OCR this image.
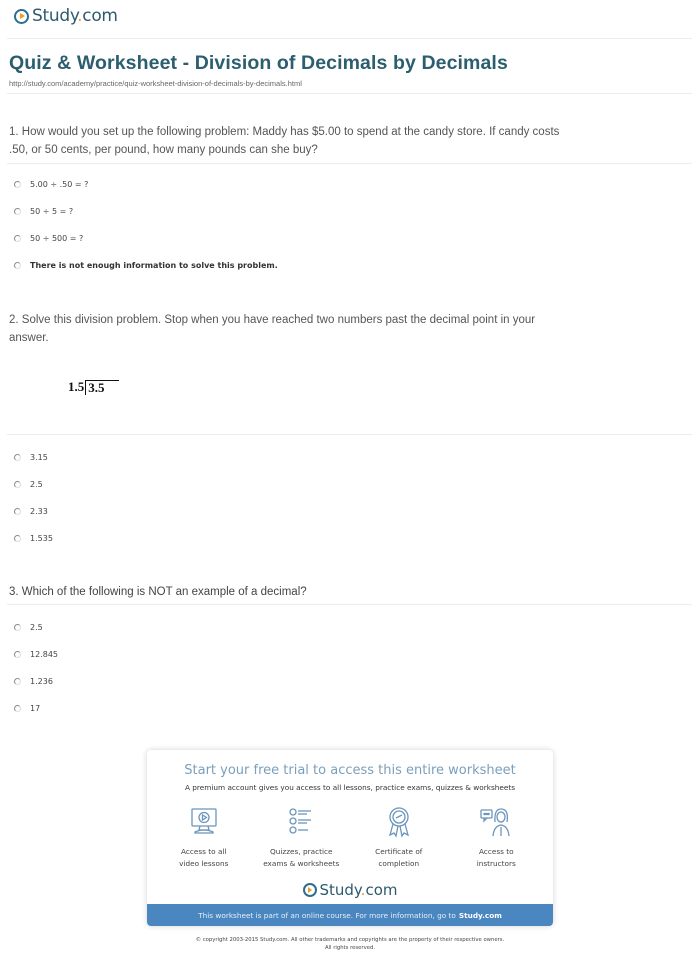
Study.com
Quiz & Worksheet - Division of Decimals by Decimals
http://study.com/academy/practice/quiz-worksheet-division-of-decimals-by-decimals.html
1. How would you set up the following problem: Maddy has $5.00 to spend at the candy store. If candy costs .50, or 50 cents, per pound, how many pounds can she buy?
5.00 ÷ .50 = ?
50 ÷ 5 = ?
50 ÷ 500 = ?
There is not enough information to solve this problem.
2. Solve this division problem. Stop when you have reached two numbers past the decimal point in your answer.
1.5 3.5
3.15
2.5
2.33
1.535
3. Which of the following is NOT an example of a decimal?
2.5
12.845
1.236
17
Start your free trial to access this entire worksheet
A premium account gives you access to all lessons, practice exams, quizzes & worksheets
Access to all
video lessons
Quizzes, practice
exams & worksheets
Certificate of
completion
Access to
instructors
Study.com
This worksheet is part of an online course. For more information, go to Study.com
© copyright 2003-2015 Study.com. All other trademarks and copyrights are the property of their respective owners.
All rights reserved.
